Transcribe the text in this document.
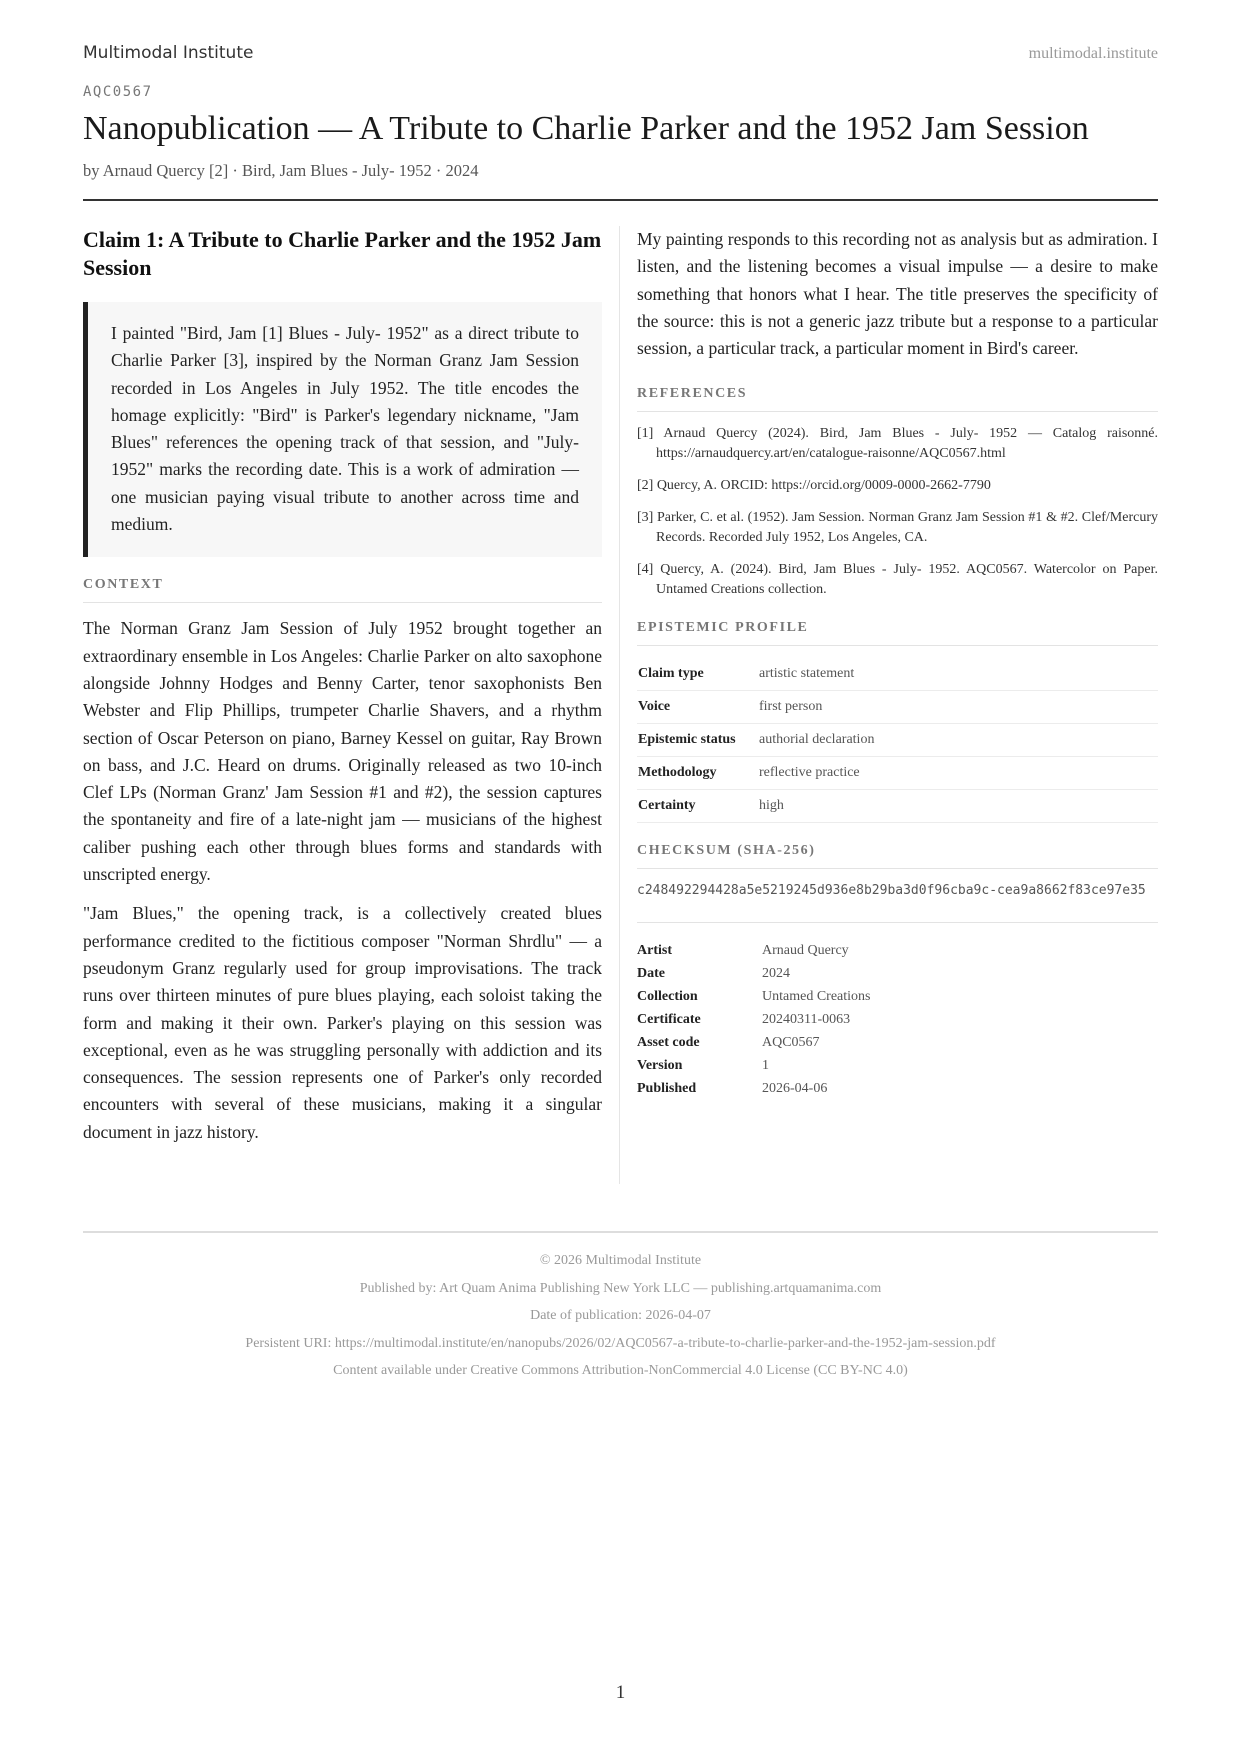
Multimodal Institute	multimodal.institute
AQC0567
Nanopublication — A Tribute to Charlie Parker and the 1952 Jam Session
by Arnaud Quercy [2] · Bird, Jam Blues - July- 1952 · 2024
Claim 1: A Tribute to Charlie Parker and the 1952 Jam Session
I painted "Bird, Jam [1] Blues - July- 1952" as a direct tribute to Charlie Parker [3], inspired by the Norman Granz Jam Session recorded in Los Angeles in July 1952. The title encodes the homage explicitly: "Bird" is Parker's legendary nickname, "Jam Blues" references the opening track of that session, and "July- 1952" marks the recording date. This is a work of admiration — one musician paying visual tribute to another across time and medium.
CONTEXT

The Norman Granz Jam Session of July 1952 brought together an extraordinary ensemble in Los Angeles: Charlie Parker on alto saxophone alongside Johnny Hodges and Benny Carter, tenor saxophonists Ben Webster and Flip Phillips, trumpeter Charlie Shavers, and a rhythm section of Oscar Peterson on piano, Barney Kessel on guitar, Ray Brown on bass, and J.C. Heard on drums. Originally released as two 10-inch Clef LPs (Norman Granz' Jam Session #1 and #2), the session captures the spontaneity and fire of a late-night jam — musicians of the highest caliber pushing each other through blues forms and standards with unscripted energy.

"Jam Blues," the opening track, is a collectively created blues performance credited to the fictitious composer "Norman Shrdlu" — a pseudonym Granz regularly used for group improvisations. The track runs over thirteen minutes of pure blues playing, each soloist taking the form and making it their own. Parker's playing on this session was exceptional, even as he was struggling personally with addiction and its consequences. The session represents one of Parker's only recorded encounters with several of these musicians, making it a singular document in jazz history.

My painting responds to this recording not as analysis but as admiration. I listen, and the listening becomes a visual impulse — a desire to make something that honors what I hear. The title preserves the specificity of the source: this is not a generic jazz tribute but a response to a particular session, a particular track, a particular moment in Bird's career.

REFERENCES
[1] Arnaud Quercy (2024). Bird, Jam Blues - July- 1952 — Catalog raisonné. https://arnaudquercy.art/en/catalogue-raisonne/AQC0567.html
[2] Quercy, A. ORCID: https://orcid.org/0009-0000-2662-7790
[3] Parker, C. et al. (1952). Jam Session. Norman Granz Jam Session #1 & #2. Clef/Mercury Records. Recorded July 1952, Los Angeles, CA.
[4] Quercy, A. (2024). Bird, Jam Blues - July- 1952. AQC0567. Watercolor on Paper. Untamed Creations collection.
EPISTEMIC PROFILE
Claim type	artistic statement
Voice	first person
Epistemic status	authorial declaration
Methodology	reflective practice
Certainty	high
CHECKSUM (SHA-256)
c248492294428a5e5219245d936e8b29ba3d0f96cba9c-cea9a8662f83ce97e35
Artist	Arnaud Quercy
Date	2024
Collection	Untamed Creations
Certificate	20240311-0063
Asset code	AQC0567
Version	1
Published	2026-04-06
© 2026 Multimodal Institute
Published by: Art Quam Anima Publishing New York LLC — publishing.artquamanima.com
Date of publication: 2026-04-07
Persistent URI: https://multimodal.institute/en/nanopubs/2026/02/AQC0567-a-tribute-to-charlie-parker-and-the-1952-jam-session.pdf
Content available under Creative Commons Attribution-NonCommercial 4.0 License (CC BY-NC 4.0)
1
